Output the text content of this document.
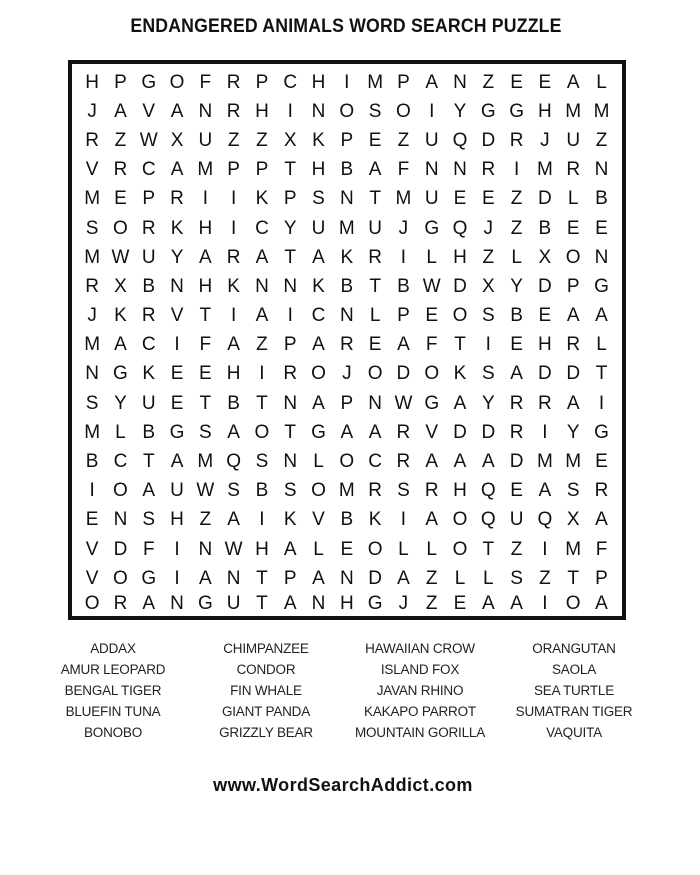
ENDANGERED ANIMALS WORD SEARCH PUZZLE
H P G O F R P C H I M P A N Z E E A L
J A V A N R H I N O S O I	Y G G H M M
R Z W X U Z Z X K P E Z U Q D R J U Z
V R C A M P P T H B A F N N R I M R N
M E P R I	I	K P S N T M U E E Z D L B
S O R K H I C Y U M U J G Q J Z B E E
M W U Y A R A T A K R I	L H Z L X O N
R X B N H K N N K B T B W D X Y D P G
J K R V T	I	A	I C N L P E O S B E A A
M A C I	F A Z P A R E A F T	I	E H R L
N G K E E H I R O J O D O K S A D D T
S Y U E T B T N A P N W G A Y R R A	I
M L B G S A O T G A A R V D D R I	Y G
B C T A M Q S N L O C R A A A D M M E
I O A U W S B S O M R S R H Q E A S R
E N S H Z A	I	K V B K	I	A O Q U Q X A
V D F	I N W H A L E O L L O T Z	I M F
V O G I	A N T P A N D A Z L L S Z T P
O R A N G U T A N H G J Z E A A	I O A
ADDAX
AMUR LEOPARD
BENGAL TIGER
BLUEFIN TUNA
BONOBO
CHIMPANZEE
CONDOR
FIN WHALE
GIANT PANDA
GRIZZLY BEAR
HAWAIIAN CROW
ISLAND FOX
JAVAN RHINO
KAKAPO PARROT
MOUNTAIN GORILLA
ORANGUTAN
SAOLA
SEA TURTLE
SUMATRAN TIGER
VAQUITA
www.WordSearchAddict.com
